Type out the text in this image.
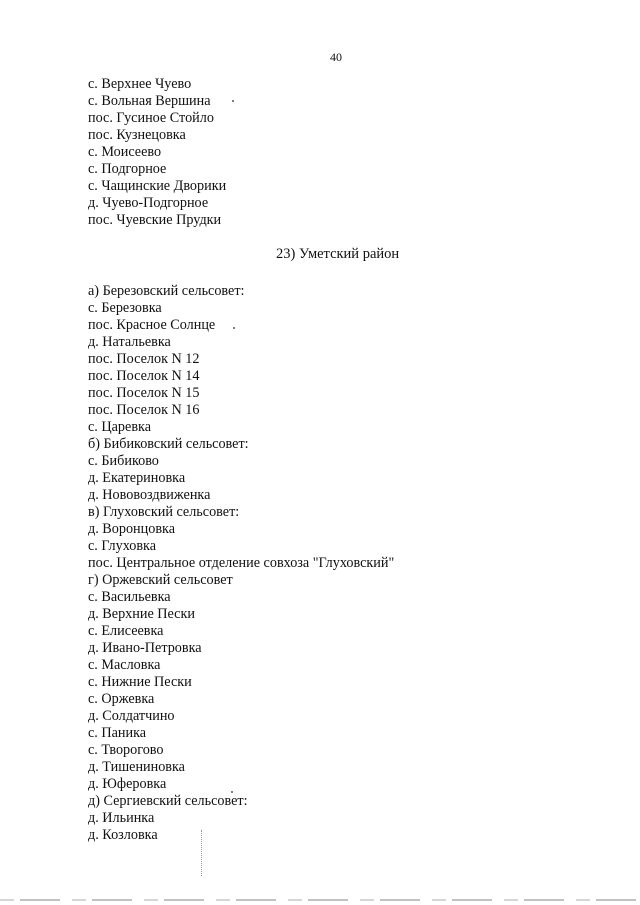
40
с. Верхнее Чуево
с. Вольная Вершина
пос. Гусиное Стойло
пос. Кузнецовка
с. Моисеево
с. Подгорное
с. Чащинские Дворики
д. Чуево-Подгорное
пос. Чуевские Прудки
23) Уметский район
а) Березовский сельсовет:
с. Березовка
пос. Красное Солнце
д. Натальевка
пос. Поселок N 12
пос. Поселок N 14
пос. Поселок N 15
пос. Поселок N 16
с. Царевка
б) Бибиковский сельсовет:
с. Бибиково
д. Екатериновка
д. Нововоздвиженка
в) Глуховский сельсовет:
д. Воронцовка
с. Глуховка
пос. Центральное отделение совхоза "Глуховский"
г) Оржевский сельсовет
с. Васильевка
д. Верхние Пески
с. Елисеевка
д. Ивано-Петровка
с. Масловка
с. Нижние Пески
с. Оржевка
д. Солдатчино
с. Паника
с. Творогово
д. Тишениновка
д. Юферовка
д) Сергиевский сельсовет:
д. Ильинка
д. Козловка
